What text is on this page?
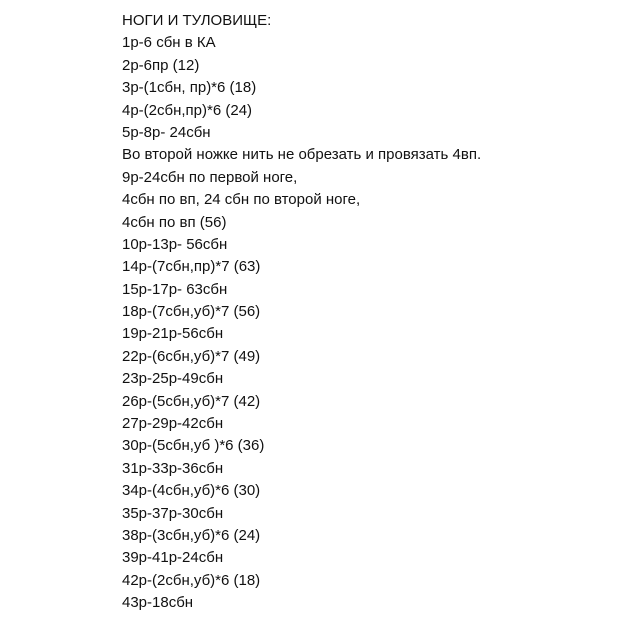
НОГИ И ТУЛОВИЩЕ:
1р-6 сбн в КА
2р-6пр (12)
3р-(1сбн, пр)*6 (18)
4р-(2сбн,пр)*6 (24)
5р-8р- 24сбн
Во второй ножке нить не обрезать и провязать 4вп.
9р-24сбн по первой ноге,
4сбн по вп, 24 сбн по второй ноге,
4сбн по вп (56)
10р-13р- 56сбн
14р-(7сбн,пр)*7 (63)
15р-17р- 63сбн
18р-(7сбн,уб)*7 (56)
19р-21р-56сбн
22р-(6сбн,уб)*7 (49)
23р-25р-49сбн
26р-(5сбн,уб)*7 (42)
27р-29р-42сбн
30р-(5сбн,уб )*6 (36)
31р-33р-36сбн
34р-(4сбн,уб)*6 (30)
35р-37р-30сбн
38р-(3сбн,уб)*6 (24)
39р-41р-24сбн
42р-(2сбн,уб)*6 (18)
43р-18сбн
